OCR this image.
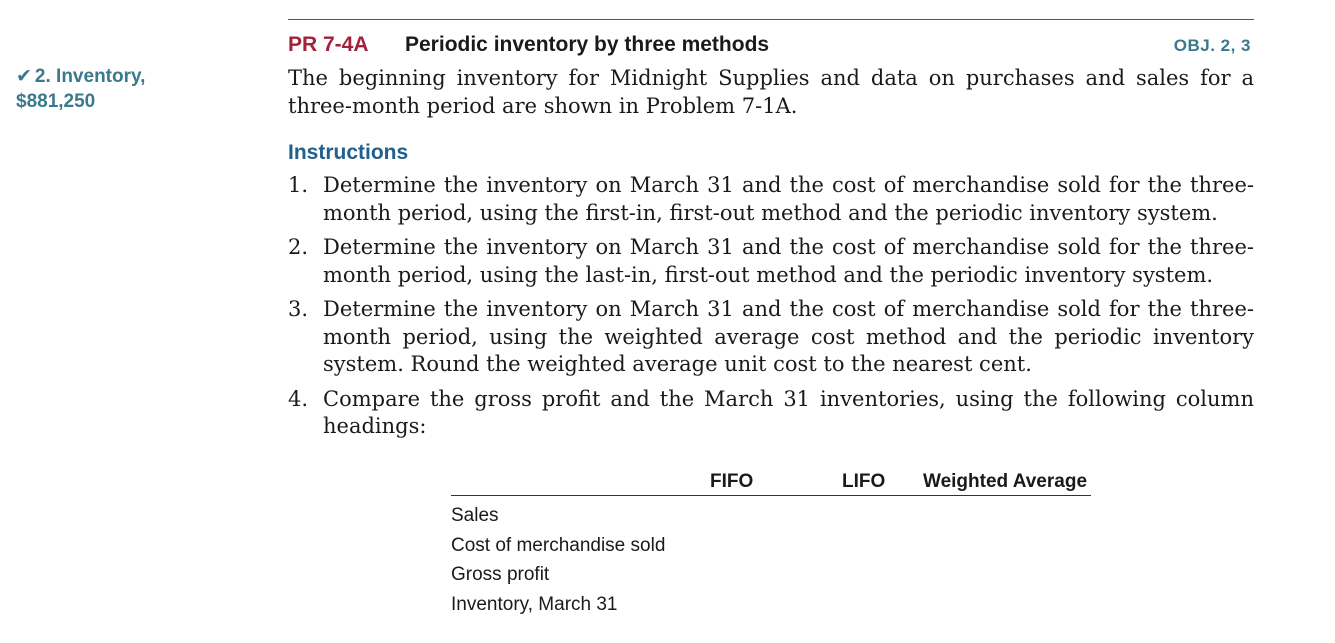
✔ 2. Inventory,
$881,250
PR 7-4A Periodic inventory by three methods	OBJ. 2, 3
The beginning inventory for Midnight Supplies and data on purchases and sales for a three-month period are shown in Problem 7-1A.
Instructions
1. Determine the inventory on March 31 and the cost of merchandise sold for the three-month period, using the first-in, first-out method and the periodic inventory system.
2. Determine the inventory on March 31 and the cost of merchandise sold for the three-month period, using the last-in, first-out method and the periodic inventory system.
3. Determine the inventory on March 31 and the cost of merchandise sold for the three-month period, using the weighted average cost method and the periodic inventory system. Round the weighted average unit cost to the nearest cent.
4. Compare the gross profit and the March 31 inventories, using the following column headings:
FIFO	LIFO Weighted Average
Sales
Cost of merchandise sold
Gross profit
Inventory, March 31
